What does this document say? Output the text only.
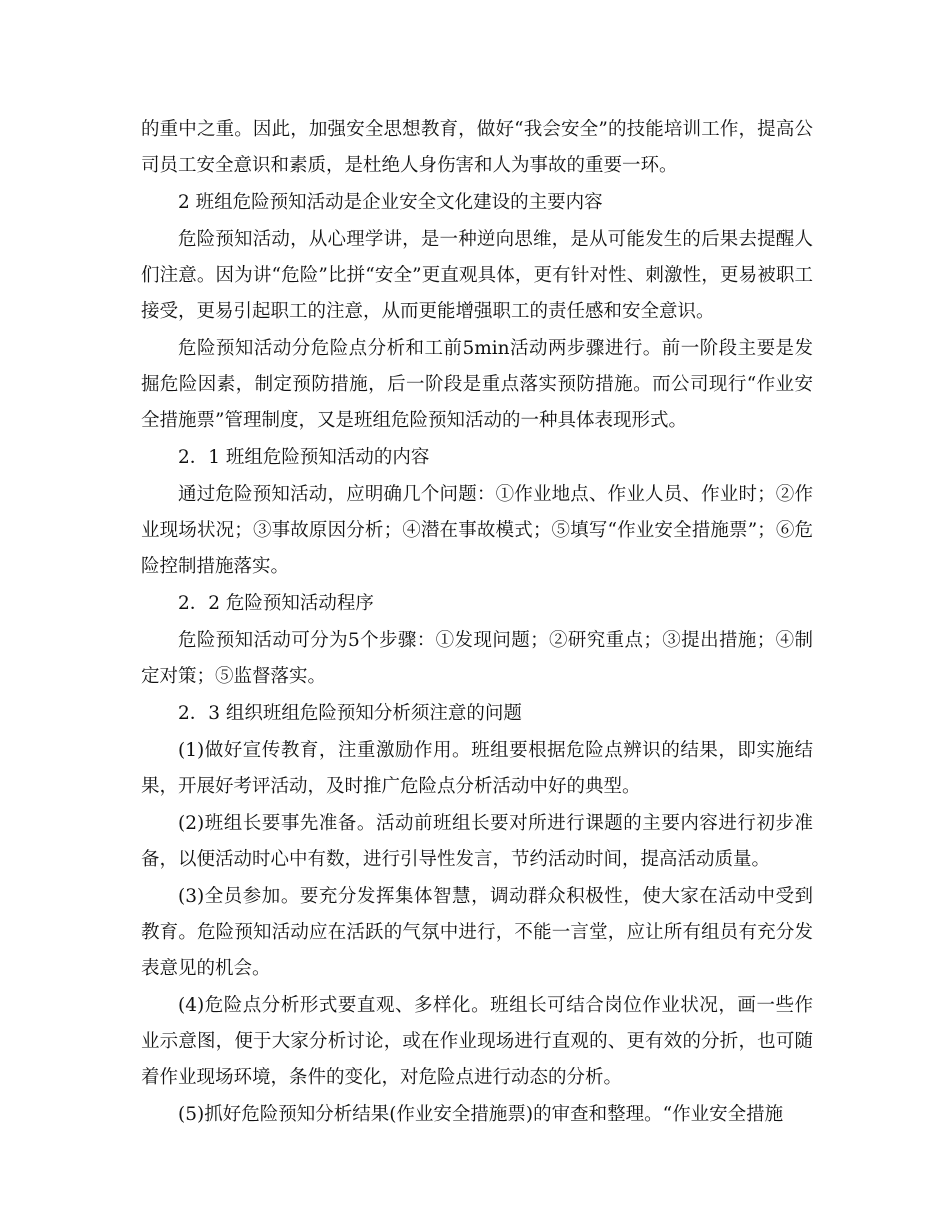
的重中之重。因此，加强安全思想教育，做好“我会安全”的技能培训工作，提高公司员工安全意识和素质，是杜绝人身伤害和人为事故的重要一环。

2 班组危险预知活动是企业安全文化建设的主要内容

危险预知活动，从心理学讲，是一种逆向思维，是从可能发生的后果去提醒人们注意。因为讲“危险”比拼“安全”更直观具体，更有针对性、刺激性，更易被职工接受，更易引起职工的注意，从而更能增强职工的责任感和安全意识。

危险预知活动分危险点分析和工前5min活动两步骤进行。前一阶段主要是发掘危险因素，制定预防措施，后一阶段是重点落实预防措施。而公司现行“作业安全措施票”管理制度，又是班组危险预知活动的一种具体表现形式。

2．1 班组危险预知活动的内容

通过危险预知活动，应明确几个问题：①作业地点、作业人员、作业时；②作业现场状况；③事故原因分析；④潜在事故模式；⑤填写“作业安全措施票”；⑥危险控制措施落实。

2．2 危险预知活动程序

危险预知活动可分为5个步骤：①发现问题；②研究重点；③提出措施；④制定对策；⑤监督落实。

2．3 组织班组危险预知分析须注意的问题

(1)做好宣传教育，注重激励作用。班组要根据危险点辨识的结果，即实施结果，开展好考评活动，及时推广危险点分析活动中好的典型。

(2)班组长要事先准备。活动前班组长要对所进行课题的主要内容进行初步准备，以便活动时心中有数，进行引导性发言，节约活动时间，提高活动质量。

(3)全员参加。要充分发挥集体智慧，调动群众积极性，使大家在活动中受到教育。危险预知活动应在活跃的气氛中进行，不能一言堂，应让所有组员有充分发表意见的机会。

(4)危险点分析形式要直观、多样化。班组长可结合岗位作业状况，画一些作业示意图，便于大家分析讨论，或在作业现场进行直观的、更有效的分折，也可随着作业现场环境，条件的变化，对危险点进行动态的分析。

(5)抓好危险预知分析结果(作业安全措施票)的审查和整理。“作业安全措施
